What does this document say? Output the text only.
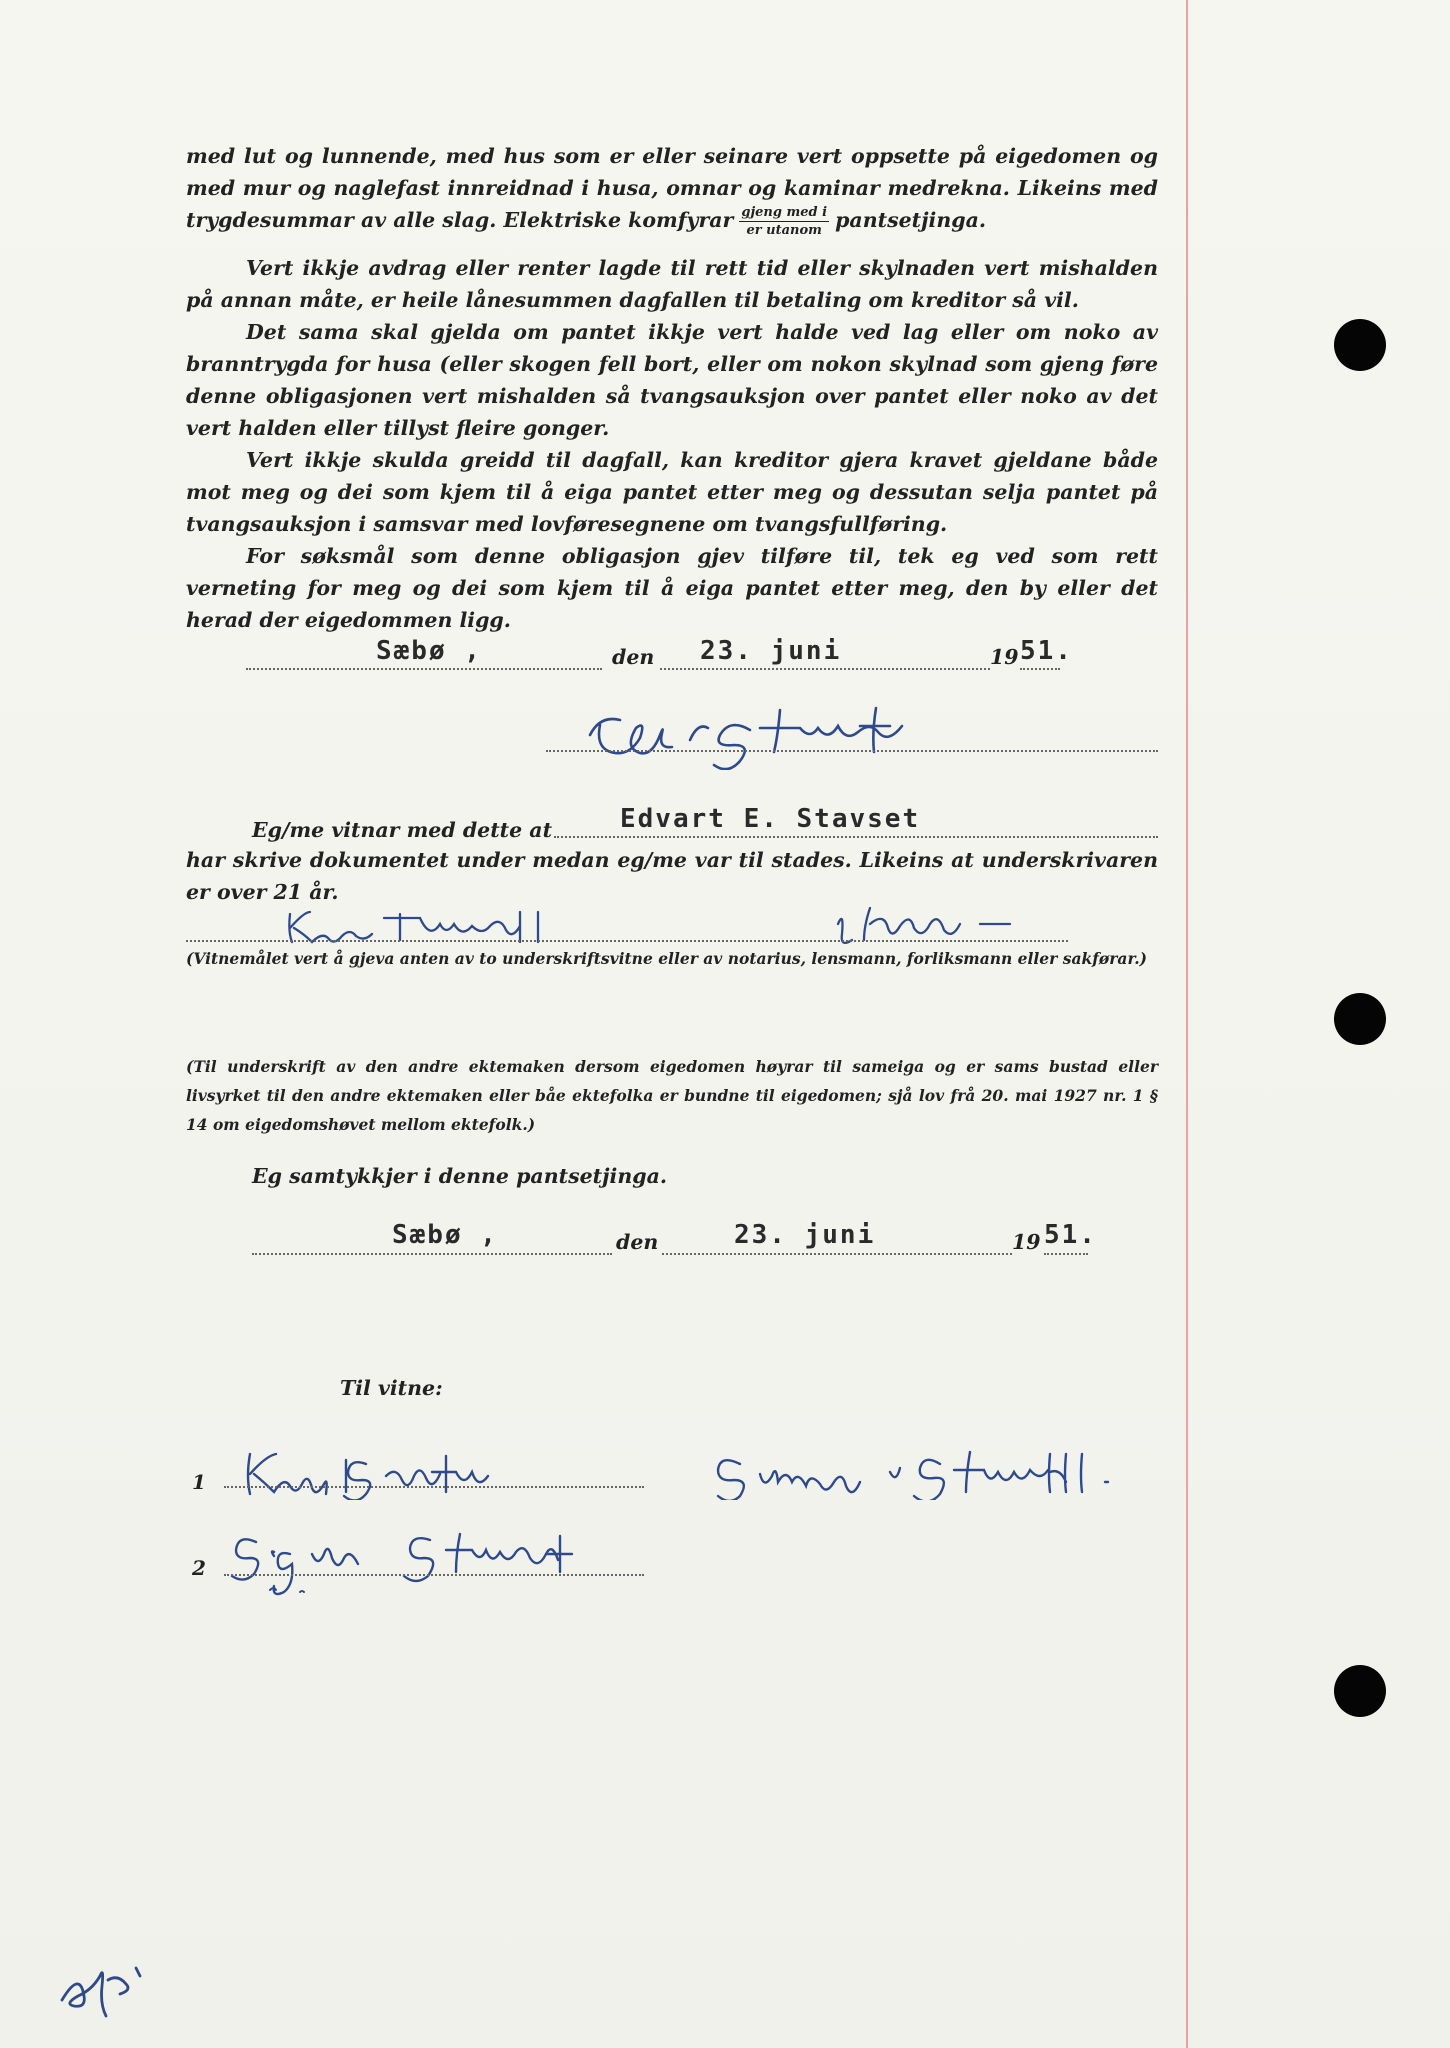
med lut og lunnende, med hus som er eller seinare vert oppsette på eigedomen og med mur og naglefast innreidnad i husa, omnar og kaminar medrekna. Likeins med trygdesummar av alle slag. Elektriske komfyrar $\frac{\text{gjeng med i}}{\text{er utanom}}$ pantsetjinga.
Vert ikkje avdrag eller renter lagde til rett tid eller skylnaden vert mishalden på annan måte, er heile lånesummen dagfallen til betaling om kreditor så vil.
Det sama skal gjelda om pantet ikkje vert halde ved lag eller om noko av branntrygda for husa (eller skogen fell bort, eller om nokon skylnad som gjeng føre denne obligasjonen vert mishalden så tvangsauksjon over pantet eller noko av det vert halden eller tillyst fleire gonger.
Vert ikkje skulda greidd til dagfall, kan kreditor gjera kravet gjeldane både mot meg og dei som kjem til å eiga pantet etter meg og dessutan selja pantet på tvangsauksjon i samsvar med lovføresegnene om tvangsfullføring.
For søksmål som denne obligasjon gjev tilføre til, tek eg ved som rett verneting for meg og dei som kjem til å eiga pantet etter meg, den by eller det herad der eigedommen ligg.
Sæbø ,	den 23. juni	19 51.
Eg/me vitnar med dette at	Edvart E. Stavset
har skrive dokumentet under medan eg/me var til stades. Likeins at underskrivaren er over 21 år.
(Vitnemålet vert å gjeva anten av to underskriftsvitne eller av notarius, lensmann, forliksmann eller sakførar.)
(Til underskrift av den andre ektemaken dersom eigedomen høyrar til sameiga og er sams bustad eller livsyrket til den andre ektemaken eller båe ektefolka er bundne til eigedomen; sjå lov frå 20. mai 1927 nr. 1 § 14 om eigedomshøvet mellom ektefolk.)
Eg samtykkjer i denne pantsetjinga.
Sæbø ,	den	23. juni	19 51.
Til vitne:
1
2
